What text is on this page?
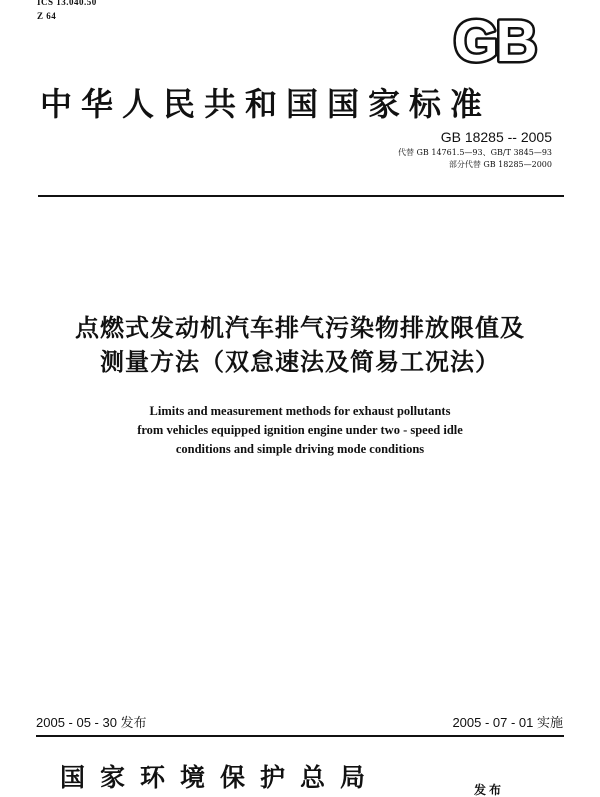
ICS 13.040.50
Z 64	GB
中华人民共和国国家标准
GB 18285 -- 2005
代替 GB 14761.5—93、GB/T 3845—93
部分代替 GB 18285—2000
点燃式发动机汽车排气污染物排放限值及
测量方法（双怠速法及简易工况法）
Limits and measurement methods for exhaust pollutants
from vehicles equipped ignition engine under two - speed idle
conditions and simple driving mode conditions
2005 - 05 - 30 发布	2005 - 07 - 01 实施
国家环境保护总局	发布
